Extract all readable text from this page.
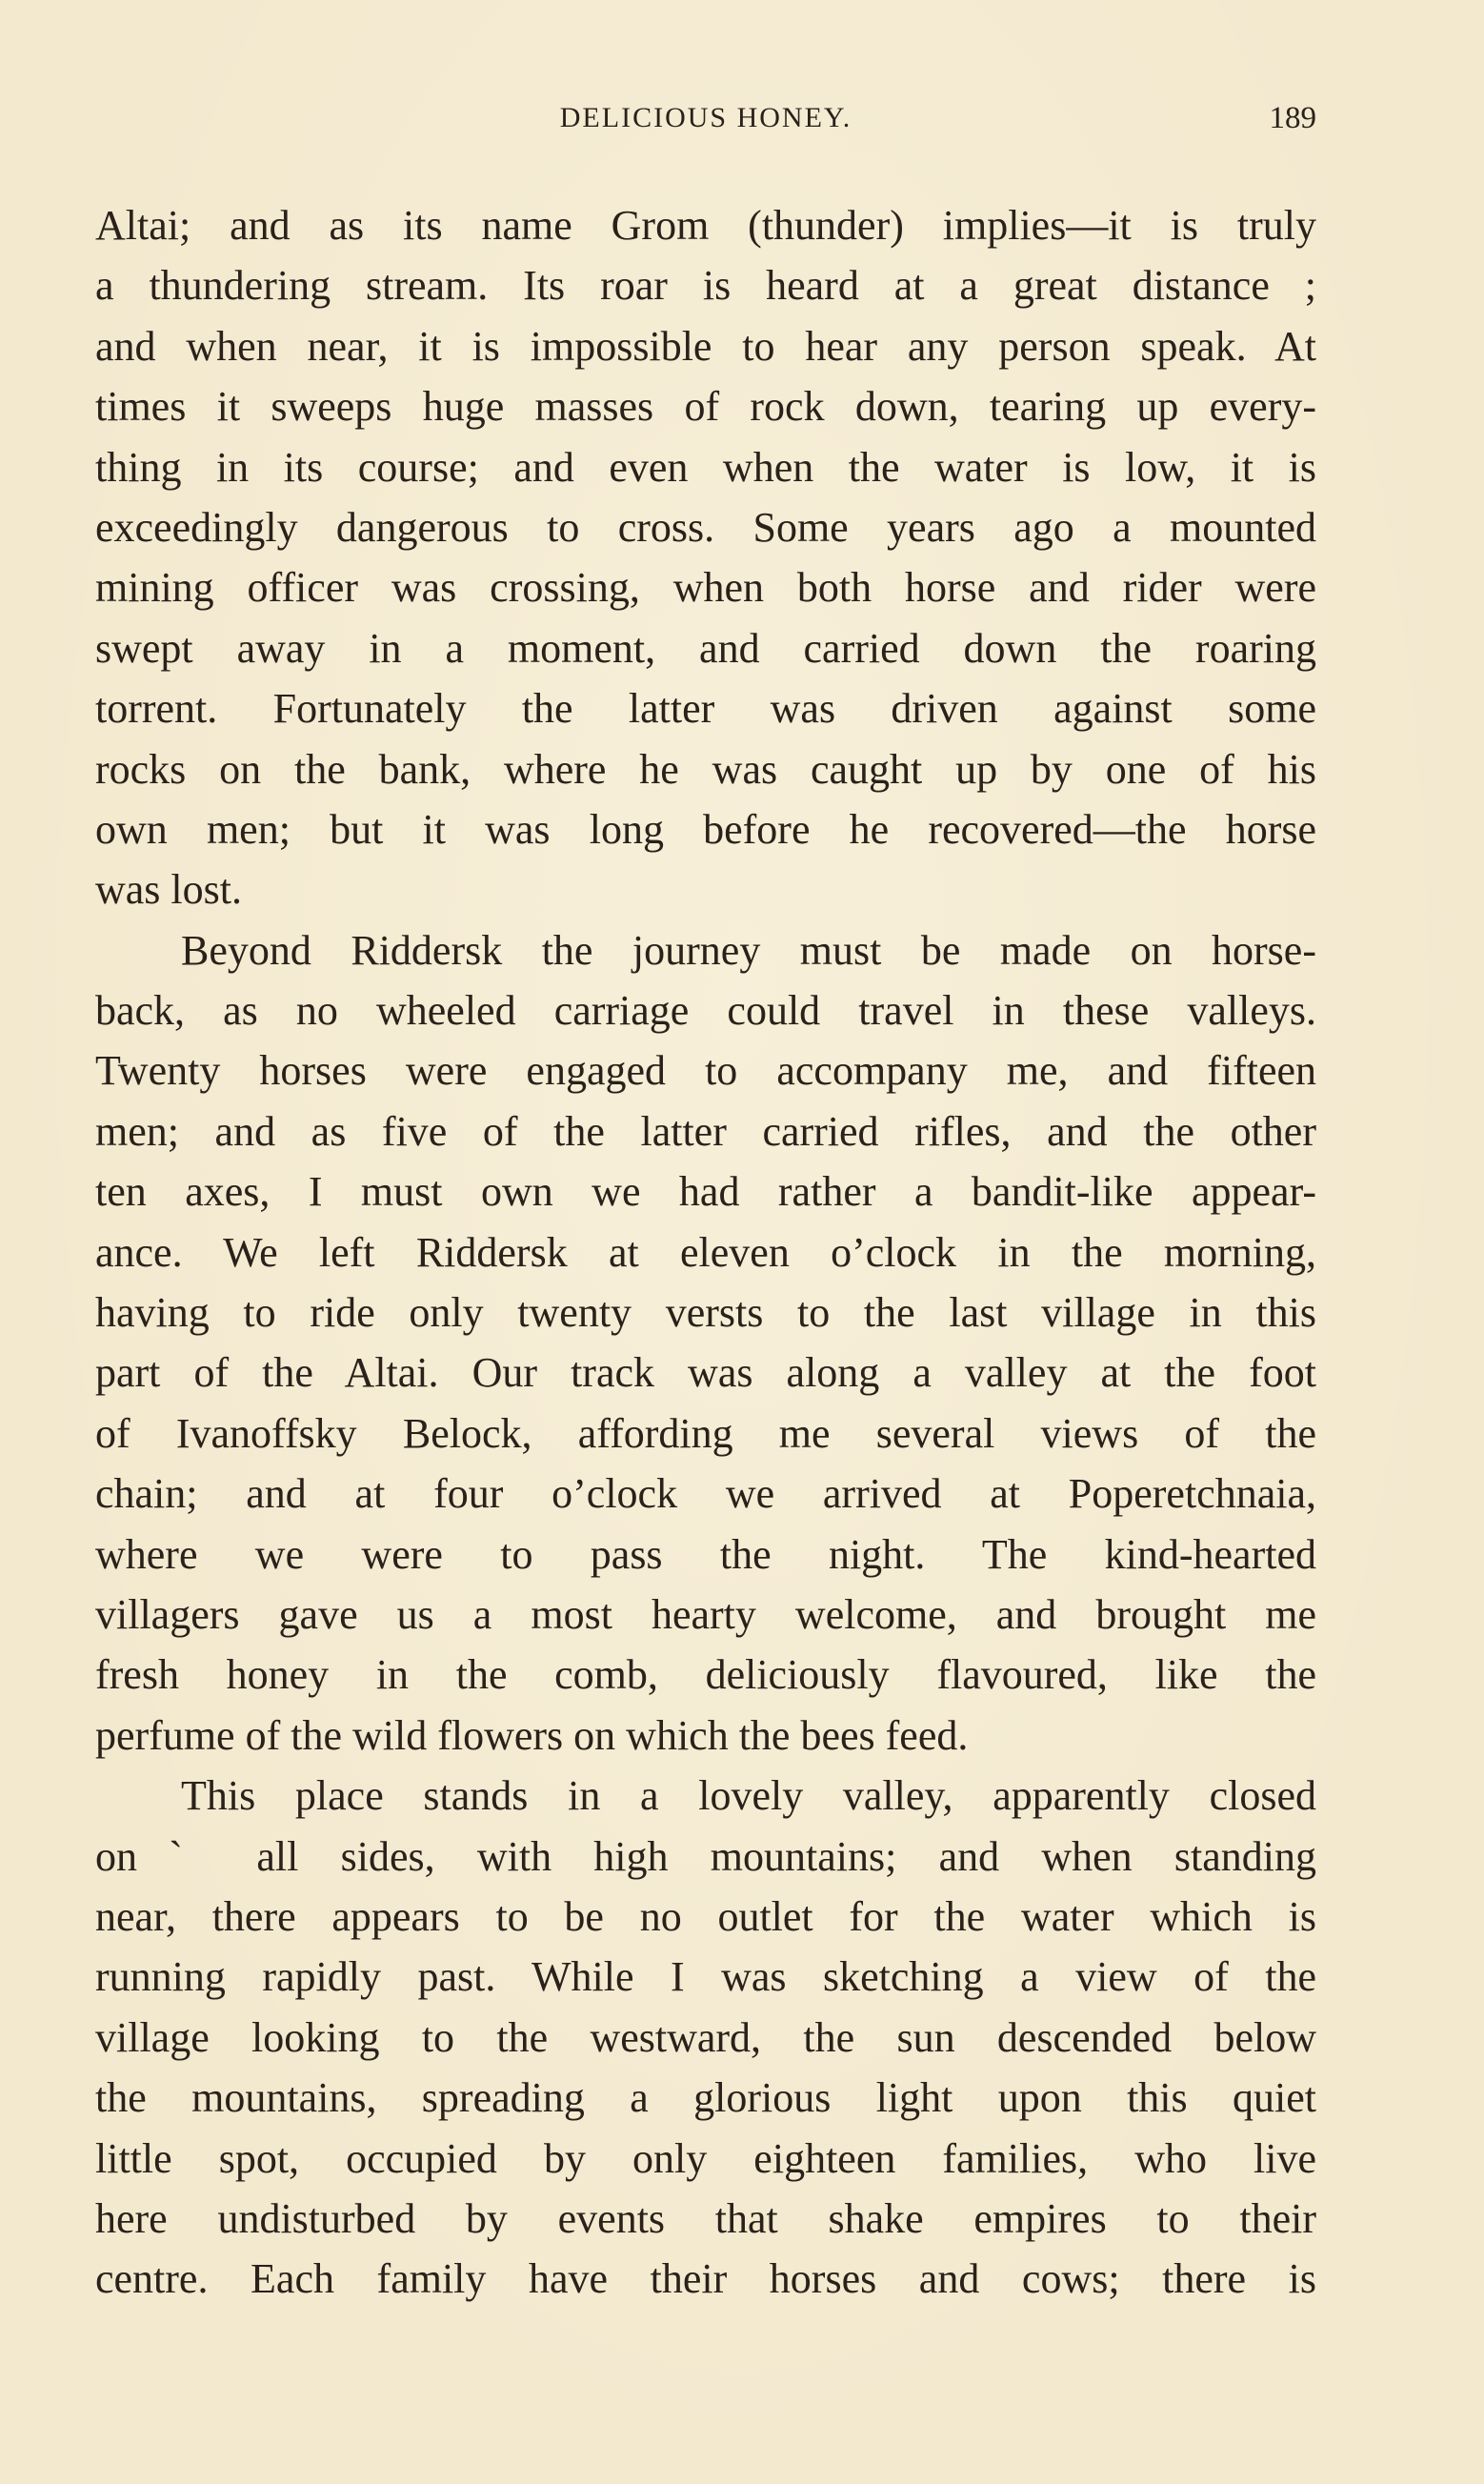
DELICIOUS HONEY.	189
Altai; and as its name Grom (thunder) implies—it is truly
a thundering stream. Its roar is heard at a great distance ;
and when near, it is impossible to hear any person speak. At
times it sweeps huge masses of rock down, tearing up every-
thing in its course; and even when the water is low, it is
exceedingly dangerous to cross. Some years ago a mounted
mining officer was crossing, when both horse and rider were
swept away in a moment, and carried down the roaring
torrent. Fortunately the latter was driven against some
rocks on the bank, where he was caught up by one of his
own men; but it was long before he recovered—the horse
was lost.
Beyond Riddersk the journey must be made on horse-
back, as no wheeled carriage could travel in these valleys.
Twenty horses were engaged to accompany me, and fifteen
men; and as five of the latter carried rifles, and the other
ten axes, I must own we had rather a bandit-like appear-
ance. We left Riddersk at eleven o’clock in the morning,
having to ride only twenty versts to the last village in this
part of the Altai. Our track was along a valley at the foot
of Ivanoffsky Belock, affording me several views of the
chain; and at four o’clock we arrived at Poperetchnaia,
where we were to pass the night. The kind-hearted
villagers gave us a most hearty welcome, and brought me
fresh honey in the comb, deliciously flavoured, like the
perfume of the wild flowers on which the bees feed.
This place stands in a lovely valley, apparently closed
onˋ all sides, with high mountains; and when standing
near, there appears to be no outlet for the water which is
running rapidly past. While I was sketching a view of the
village looking to the westward, the sun descended below
the mountains, spreading a glorious light upon this quiet
little spot, occupied by only eighteen families, who live
here undisturbed by events that shake empires to their
centre. Each family have their horses and cows; there is
